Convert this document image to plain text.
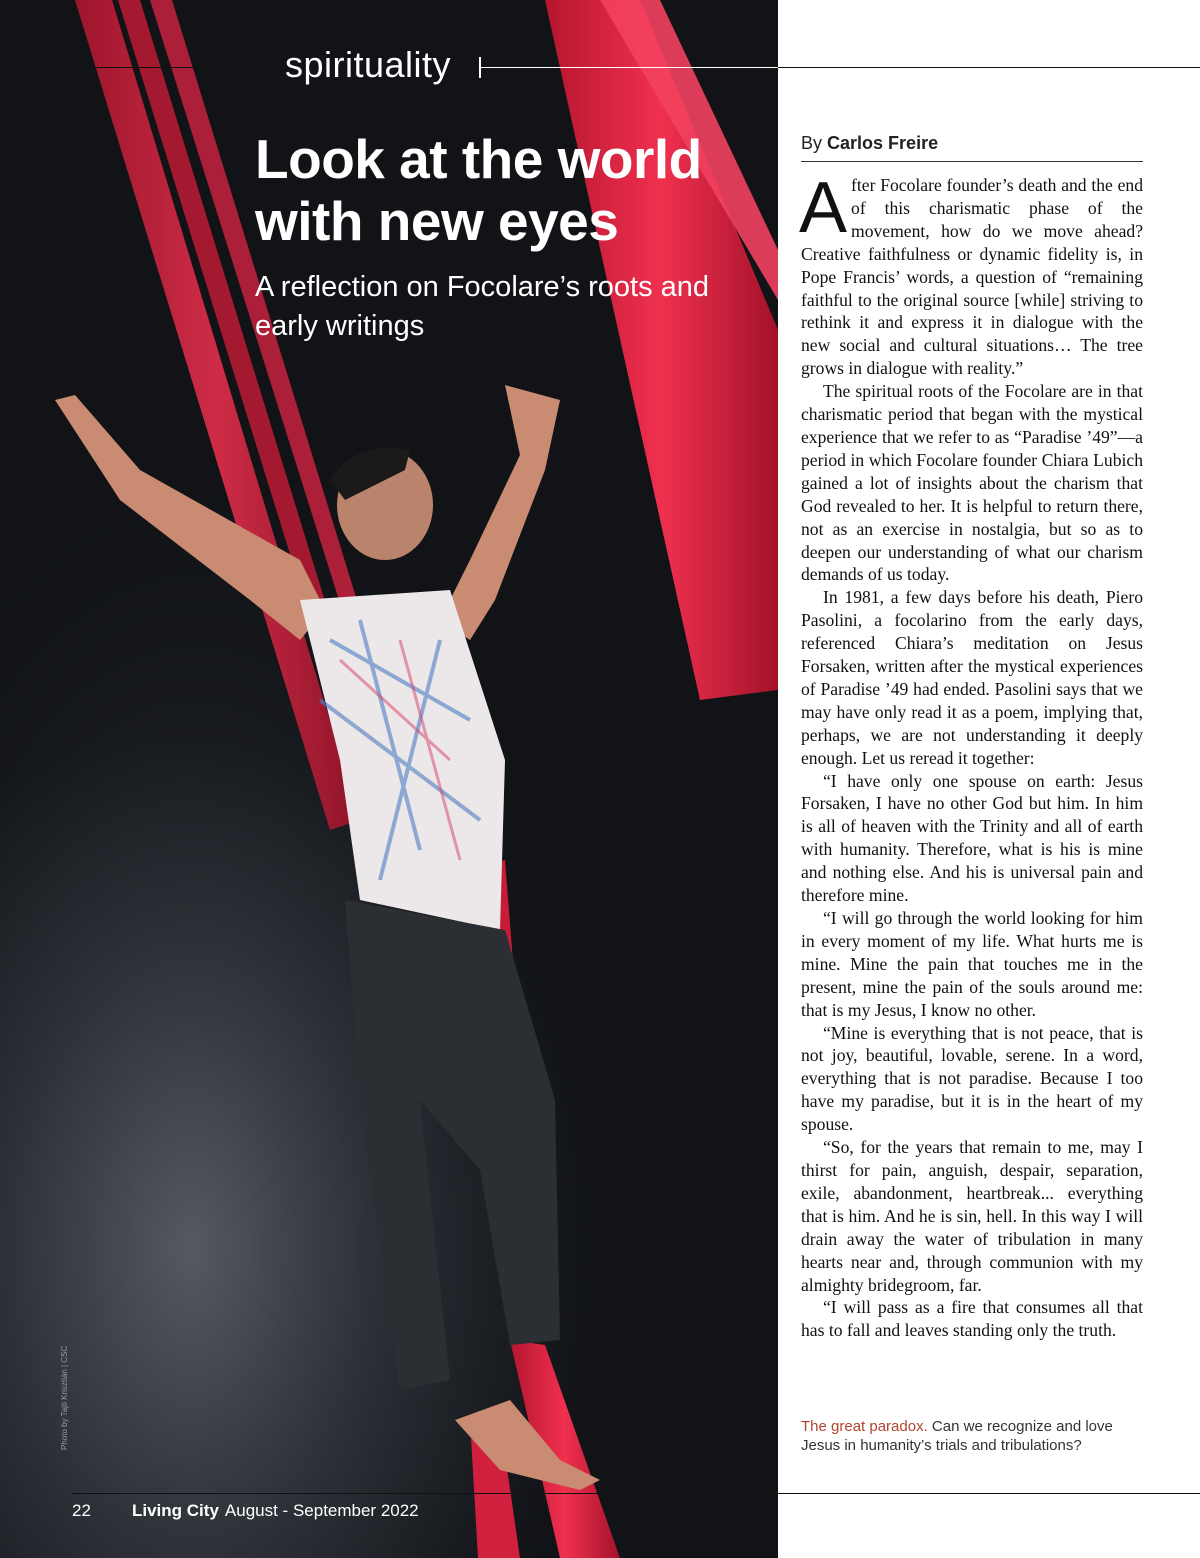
spirituality
Look at the world with new eyes

A reflection on Focolare’s roots and early writings

Photo by Tajti Krisztián | CSC
By Carlos Freire

After Focolare founder’s death and the end of this charismatic phase of the movement, how do we move ahead? Creative faithfulness or dynamic fidelity is, in Pope Francis’ words, a question of “remaining faithful to the original source [while] striving to rethink it and express it in dialogue with the new social and cultural situations… The tree grows in dialogue with reality.”

The spiritual roots of the Focolare are in that charismatic period that began with the mystical experience that we refer to as “Paradise ’49”—a period in which Focolare founder Chiara Lubich gained a lot of insights about the charism that God revealed to her. It is helpful to return there, not as an exercise in nostalgia, but so as to deepen our understanding of what our charism demands of us today.

In 1981, a few days before his death, Piero Pasolini, a focolarino from the early days, referenced Chiara’s meditation on Jesus Forsaken, written after the mystical experiences of Paradise ’49 had ended. Pasolini says that we may have only read it as a poem, implying that, perhaps, we are not understanding it deeply enough. Let us reread it together:

“I have only one spouse on earth: Jesus Forsaken, I have no other God but him. In him is all of heaven with the Trinity and all of earth with humanity. Therefore, what is his is mine and nothing else. And his is universal pain and therefore mine.

“I will go through the world looking for him in every moment of my life. What hurts me is mine. Mine the pain that touches me in the present, mine the pain of the souls around me: that is my Jesus, I know no other.

“Mine is everything that is not peace, that is not joy, beautiful, lovable, serene. In a word, everything that is not paradise. Because I too have my paradise, but it is in the heart of my spouse.

“So, for the years that remain to me, may I thirst for pain, anguish, despair, separation, exile, abandonment, heartbreak... everything that is him. And he is sin, hell. In this way I will drain away the water of tribulation in many hearts near and, through communion with my almighty bridegroom, far.

“I will pass as a fire that consumes all that has to fall and leaves standing only the truth.

The great paradox. Can we recognize and love Jesus in humanity’s trials and tribulations?
22 Living City August - September 2022
